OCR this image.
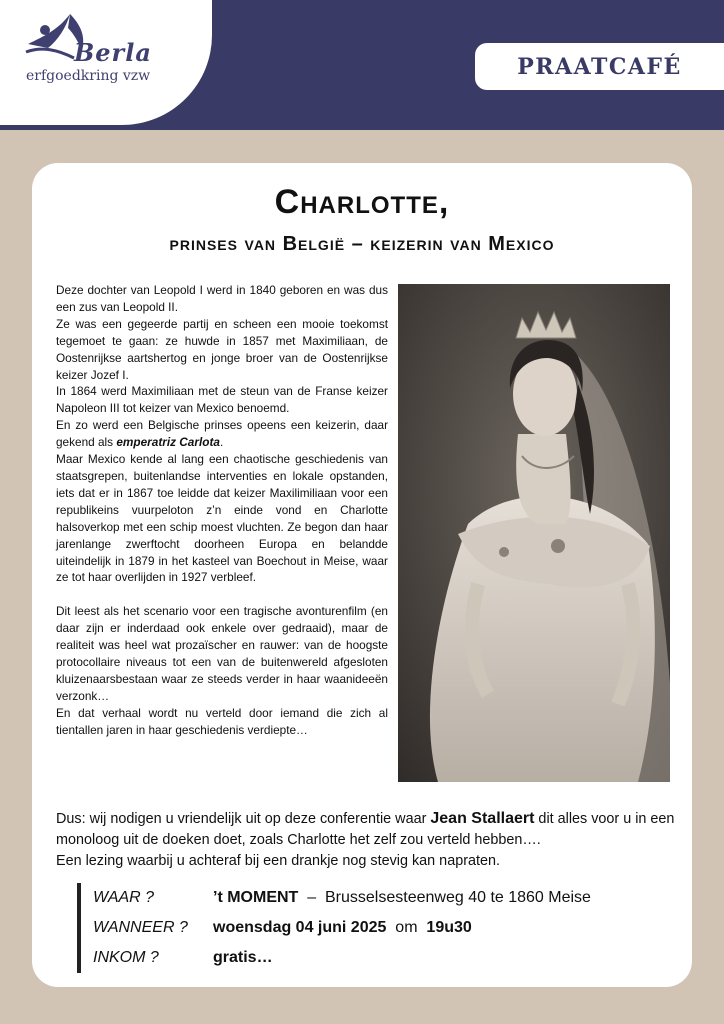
Berla
erfgoedkring vzw	PRAATCAFÉ
Charlotte,
prinses van België – keizerin van Mexico

Deze dochter van Leopold I werd in 1840 geboren en was dus een zus van Leopold II.

Ze was een gegeerde partij en scheen een mooie toekomst tegemoet te gaan: ze huwde in 1857 met Maximiliaan, de Oostenrijkse aartshertog en jonge broer van de Oostenrijkse keizer Jozef I.

In 1864 werd Maximiliaan met de steun van de Franse keizer Napoleon III tot keizer van Mexico benoemd.

En zo werd een Belgische prinses opeens een keizerin, daar gekend als emperatriz Carlota.

Maar Mexico kende al lang een chaotische geschiedenis van staatsgrepen, buitenlandse interventies en lokale opstanden, iets dat er in 1867 toe leidde dat keizer Maxilimiliaan voor een republikeins vuurpeloton z’n einde vond en Charlotte halsoverkop met een schip moest vluchten. Ze begon dan haar jarenlange zwerftocht doorheen Europa en belandde uiteindelijk in 1879 in het kasteel van Boechout in Meise, waar ze tot haar overlijden in 1927 verbleef.

Dit leest als het scenario voor een tragische avonturenfilm (en daar zijn er inderdaad ook enkele over gedraaid), maar de realiteit was heel wat prozaïscher en rauwer: van de hoogste protocollaire niveaus tot een van de buitenwereld afgesloten kluizenaarsbestaan waar ze steeds verder in haar waanideeën verzonk…

En dat verhaal wordt nu verteld door iemand die zich al tientallen jaren in haar geschiedenis verdiepte…

Dus: wij nodigen u vriendelijk uit op deze conferentie waar Jean Stallaert dit alles voor u in een monoloog uit de doeken doet, zoals Charlotte het zelf zou verteld hebben….

Een lezing waarbij u achteraf bij een drankje nog stevig kan napraten.

WAAR ?	’t MOMENT  –  Brusselsesteenweg 40 te 1860 Meise
WANNEER ?	woensdag 04 juni 2025  om  19u30
INKOM ?	gratis…
